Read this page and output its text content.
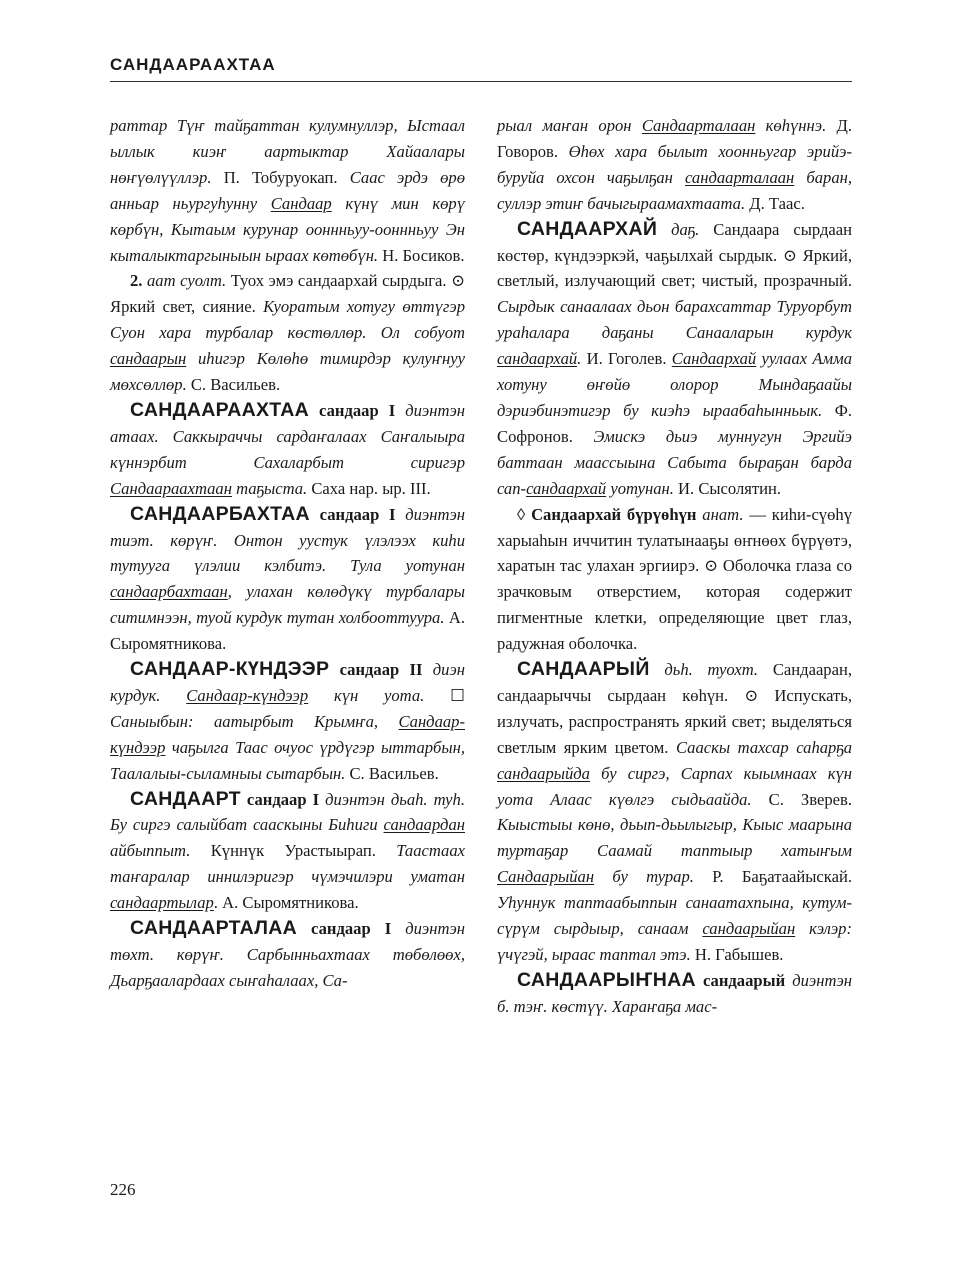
САНДААРААХТАА

раттар Түҥ тайҕаттан кулумнуллэр, Ыстаал ыллык киэҥ аартыктар Хайаалары нөҥүөлүүллэр. П. Тобуруокап. Саас эрдэ өрө анньар ньургуһунну Сандаар күнү мин көрү көрбүн, Кытаым курунар ооннньуу-ооннньуу Эн кыталыктаргыныын ыраах көтөбүн. Н. Босиков.

2. аат суолт. Туох эмэ сандаархай сырдыга. ⊙ Яркий свет, сияние. Куоратым хотугу өттүгэр Суон хара турбалар көстөллөр. Ол собуот сандаарын иһигэр Көлөһө тимирдэр кулуҥнуу мөхсөллөр. С. Васильев.

САНДААРААХТАА сандаар I диэнтэн атаах. Саккыраччы сардаҥалаах Саҥалыыра күннэрбит Сахаларбыт сиригэр Сандаараахтаан таҕыста. Саха нар. ыр. III.

САНДААРБАХТАА сандаар I диэнтэн тиэт. көрүҥ. Онтон уустук үлэлээх киһи тутууга үлэлии кэлбитэ. Тула уотунан сандаарбахтаан, улахан көлөдүкү турбалары ситимнээн, туой курдук тутан холбооттуура. А. Сыромятникова.

САНДААР-КҮНДЭЭР сандаар II диэн курдук. Сандаар-күндээр күн уота. ☐ Саныыбын: аатырбыт Крымҥа, Сандаар-күндээр чаҕылга Таас очуос үрдүгэр ыттарбын, Таалалыы-сыламныы сытарбын. С. Васильев.

САНДААРТ сандаар I диэнтэн дьаһ. туһ. Бу сиргэ салыйбат сааскыны Биһиги сандаардан айбыппыт. Күннүк Урастыырап. Таастаах таҥаралар иннилэригэр чүмэчилэри уматан сандаартылар. А. Сыромятникова.

САНДААРТАЛАА сандаар I диэнтэн төхт. көрүҥ. Сарбынньахтаах төбөлөөх, Дьарҕаалардаах сыҥаһалаах, Са-

рыал маҥан орон Сандаарталаан көһүннэ. Д. Говоров. Өһөх хара былыт хоонньугар эрийэ-буруйа охсон чаҕылҕан сандаарталаан баран, суллэр этиҥ бачыгыраамахтаата. Д. Таас.

САНДААРХАЙ даҕ. Сандаара сырдаан көстөр, күндээркэй, чаҕылхай сырдык. ⊙ Яркий, светлый, излучающий свет; чистый, прозрачный. Сырдык санаалаах дьон барахсаттар Туруорбут ураһалара даҕаны Санааларын курдук сандаархай. И. Гоголев. Сандаархай уулаах Амма хотуну өҥөйө олорор Мындаҕаайы дэриэбинэтигэр бу киэһэ ыраабаһынньык. Ф. Софронов. Эмискэ дьиэ муннугун Эргийэ баттаан маассыына Сабыта быраҕан барда сап-сандаархай уотунан. И. Сысолятин.

◊ Сандаархай бүрүөһүн анат. — киһи-сүөһү харыаһын иччитин тулатынааҕы өҥнөөх бүрүөтэ, харатын тас улахан эргиирэ. ⊙ Оболочка глаза со зрачковым отверстием, которая содержит пигментные клетки, определяющие цвет глаз, радужная оболочка.

САНДААРЫЙ дьһ. туохт. Сандааран, сандаарыччы сырдаан көһүн. ⊙ Испускать, излучать, распространять яркий свет; выделяться светлым ярким цветом. Сааскы тахсар саһарҕа сандаарыйда бу сиргэ, Сарпах кыымнаах күн уота Алаас күөлгэ сыдьаайда. С. Зверев. Кыыстыы көнө, дьып-дьылыгыр, Кыыс маарына туртаҕар Саамай таптыыр хатыҥым Сандаарыйан бу турар. Р. Баҕатаайыскай. Уһуннук таптаабыппын санаатахпына, кутум-сүрүм сырдыыр, санаам сандаарыйан кэлэр: үчүгэй, ыраас таптал этэ. Н. Габышев.

САНДААРЫҤНАА сандаарый диэнтэн б. тэҥ. көстүү. Хараҥаҕа мас-

226
